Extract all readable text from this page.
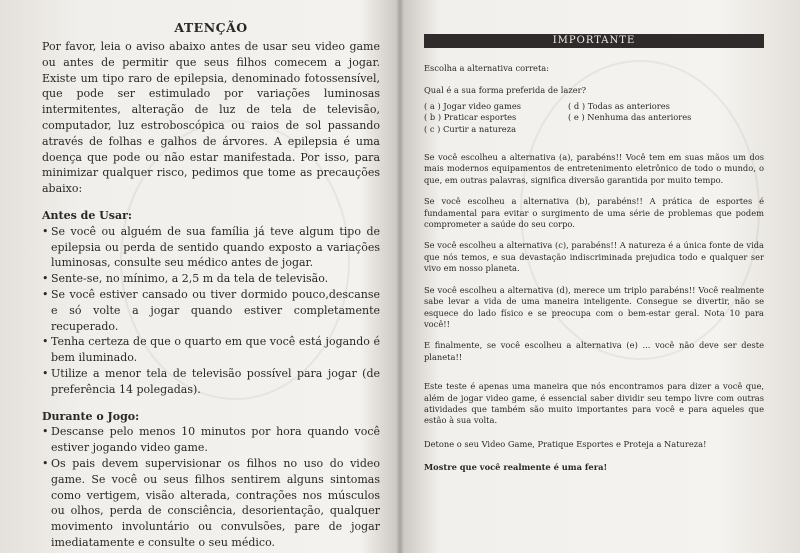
ATENÇÃO

Por favor, leia o aviso abaixo antes de usar seu video game ou antes de permitir que seus filhos comecem a jogar. Existe um tipo raro de epilepsia, denominado fotossensível, que pode ser estimulado por variações luminosas intermitentes, alteração de luz de tela de televisão, computador, luz estroboscópica ou raios de sol passando através de folhas e galhos de árvores. A epilepsia é uma doença que pode ou não estar manifestada. Por isso, para minimizar qualquer risco, pedimos que tome as precauções abaixo:

Antes de Usar:
• Se você ou alguém de sua família já teve algum tipo de epilepsia ou perda de sentido quando exposto a variações luminosas, consulte seu médico antes de jogar.
• Sente-se, no mínimo, a 2,5 m da tela de televisão.
• Se você estiver cansado ou tiver dormido pouco,descanse e só volte a jogar quando estiver completamente recuperado.
• Tenha certeza de que o quarto em que você está jogando é bem iluminado.
• Utilize a menor tela de televisão possível para jogar (de preferência 14 polegadas).
Durante o Jogo:
• Descanse pelo menos 10 minutos por hora quando você estiver jogando video game.
• Os pais devem supervisionar os filhos no uso do video game. Se você ou seus filhos sentirem alguns sintomas como vertigem, visão alterada, contrações nos músculos ou olhos, perda de consciência, desorientação, qualquer movimento involuntário ou convulsões, pare de jogar imediatamente e consulte o seu médico.
IMPORTANTE

Escolha a alternativa correta:

Qual é a sua forma preferida de lazer?

( a ) Jogar video games
( b ) Praticar esportes
( c ) Curtir a natureza
( d ) Todas as anteriores
( e ) Nenhuma das anteriores

Se você escolheu a alternativa (a), parabéns!! Você tem em suas mãos um dos mais modernos equipamentos de entretenimento eletrônico de todo o mundo, o que, em outras palavras, significa diversão garantida por muito tempo.

Se você escolheu a alternativa (b), parabéns!! A prática de esportes é fundamental para evitar o surgimento de uma série de problemas que podem comprometer a saúde do seu corpo.

Se você escolheu a alternativa (c), parabéns!! A natureza é a única fonte de vida que nós temos, e sua devastação indiscriminada prejudica todo e qualquer ser vivo em nosso planeta.

Se você escolheu a alternativa (d), merece um triplo parabéns!! Você realmente sabe levar a vida de uma maneira inteligente. Consegue se divertir, não se esquece do lado físico e se preocupa com o bem-estar geral. Nota 10 para você!!

E finalmente, se você escolheu a alternativa (e) ... você não deve ser deste planeta!!

Este teste é apenas uma maneira que nós encontramos para dizer a você que, além de jogar video game, é essencial saber dividir seu tempo livre com outras atividades que também são muito importantes para você e para aqueles que estão à sua volta.

Detone o seu Video Game, Pratique Esportes e Proteja a Natureza!

Mostre que você realmente é uma fera!
